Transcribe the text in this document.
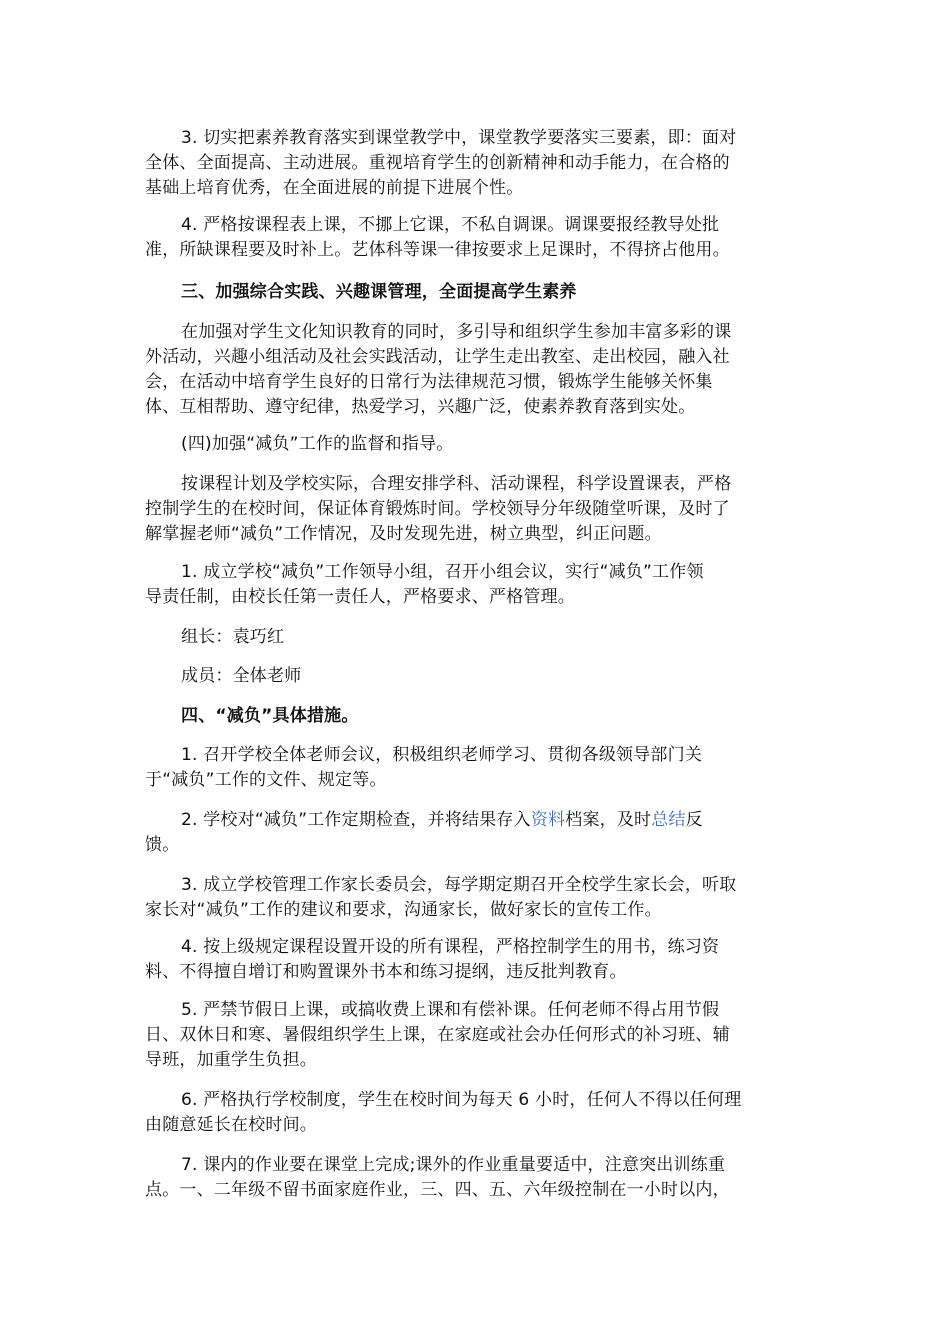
3. 切实把素养教育落实到课堂教学中，课堂教学要落实三要素，即：面对
全体、全面提高、主动进展。重视培育学生的创新精神和动手能力，在合格的
基础上培育优秀，在全面进展的前提下进展个性。

4. 严格按课程表上课，不挪上它课，不私自调课。调课要报经教导处批
准，所缺课程要及时补上。艺体科等课一律按要求上足课时，不得挤占他用。

三、加强综合实践、兴趣课管理，全面提高学生素养

在加强对学生文化知识教育的同时，多引导和组织学生参加丰富多彩的课
外活动，兴趣小组活动及社会实践活动，让学生走出教室、走出校园，融入社
会，在活动中培育学生良好的日常行为法律规范习惯，锻炼学生能够关怀集
体、互相帮助、遵守纪律，热爱学习，兴趣广泛，使素养教育落到实处。

(四)加强“减负”工作的监督和指导。

按课程计划及学校实际，合理安排学科、活动课程，科学设置课表，严格
控制学生的在校时间，保证体育锻炼时间。学校领导分年级随堂听课，及时了
解掌握老师“减负”工作情况，及时发现先进，树立典型，纠正问题。

1. 成立学校“减负”工作领导小组，召开小组会议，实行“减负”工作领
导责任制，由校长任第一责任人，严格要求、严格管理。

组长：袁巧红

成员：全体老师

四、“减负”具体措施。

1. 召开学校全体老师会议，积极组织老师学习、贯彻各级领导部门关
于“减负”工作的文件、规定等。

2. 学校对“减负”工作定期检查，并将结果存入资料档案，及时总结反
馈。

3. 成立学校管理工作家长委员会，每学期定期召开全校学生家长会，听取
家长对“减负”工作的建议和要求，沟通家长，做好家长的宣传工作。

4. 按上级规定课程设置开设的所有课程，严格控制学生的用书，练习资
料、不得擅自增订和购置课外书本和练习提纲，违反批判教育。

5. 严禁节假日上课，或搞收费上课和有偿补课。任何老师不得占用节假
日、双休日和寒、暑假组织学生上课，在家庭或社会办任何形式的补习班、辅
导班，加重学生负担。

6. 严格执行学校制度，学生在校时间为每天 6 小时，任何人不得以任何理
由随意延长在校时间。

7. 课内的作业要在课堂上完成;课外的作业重量要适中，注意突出训练重
点。一、二年级不留书面家庭作业，三、四、五、六年级控制在一小时以内，
